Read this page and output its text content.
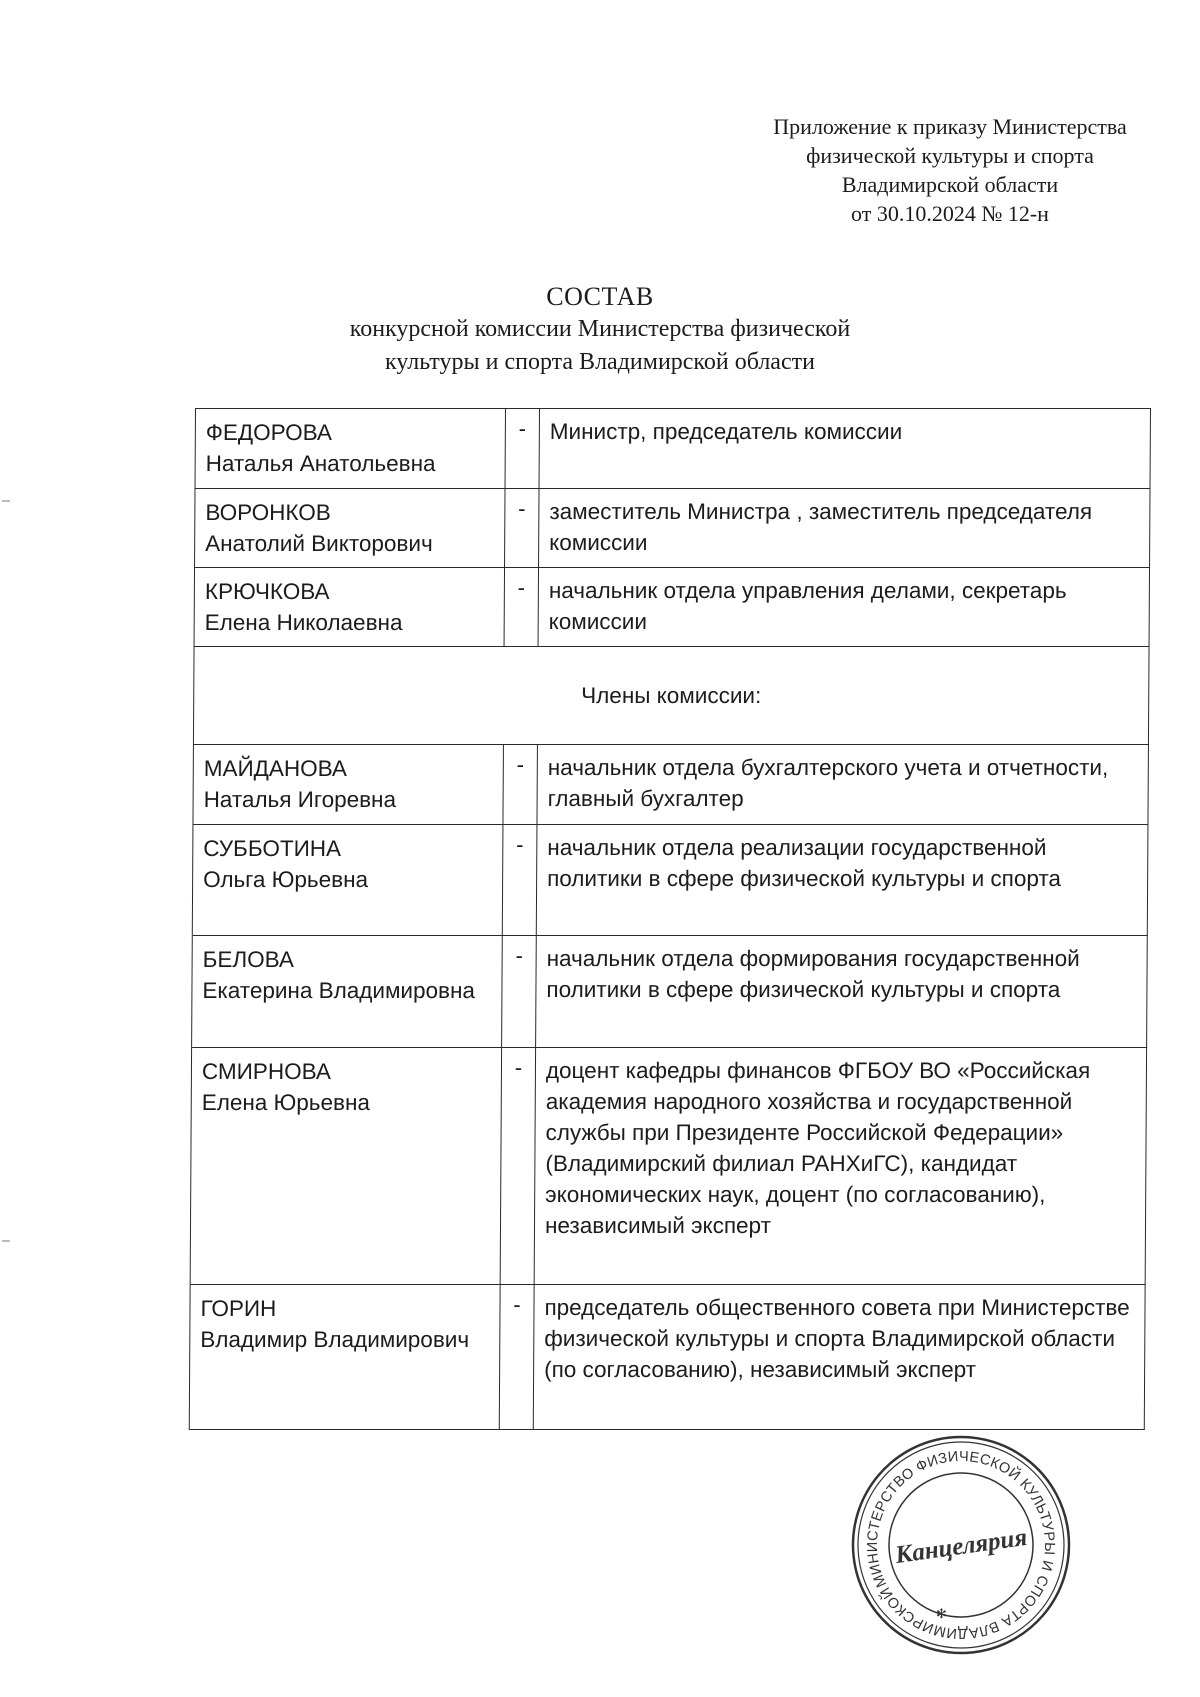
Приложение к приказу Министерства
физической культуры и спорта
Владимирской области
от 30.10.2024 № 12-н
СОСТАВ
конкурсной комиссии Министерства физической
культуры и спорта Владимирской области
ФЕДОРОВА
Наталья Анатольевна
-	Министр, председатель комиссии
ВОРОНКОВ
Анатолий Викторович
-	заместитель Министра , заместитель председателя комиссии
КРЮЧКОВА
Елена Николаевна
-	начальник отдела управления делами, секретарь комиссии
Члены комиссии:
МАЙДАНОВА
Наталья Игоревна
-	начальник отдела бухгалтерского учета и отчетности, главный бухгалтер
СУББОТИНА
Ольга Юрьевна
-	начальник отдела реализации государственной политики в сфере физической культуры и спорта
БЕЛОВА
Екатерина Владимировна
-	начальник отдела формирования государственной политики в сфере физической культуры и спорта
СМИРНОВА
Елена Юрьевна
-	доцент кафедры финансов ФГБОУ ВО «Российская академия народного хозяйства и государственной службы при Президенте Российской Федерации» (Владимирский филиал РАНХиГС), кандидат экономических наук, доцент (по согласованию), независимый эксперт
ГОРИН
Владимир Владимирович
-	председатель общественного совета при Министерстве физической культуры и спорта Владимирской области (по согласованию), независимый эксперт
МИНИСТЕРСТВО ФИЗИЧЕСКОЙ КУЛЬТУРЫ И СПОРТА ВЛАДИМИРСКОЙ
Канцелярия
✻
